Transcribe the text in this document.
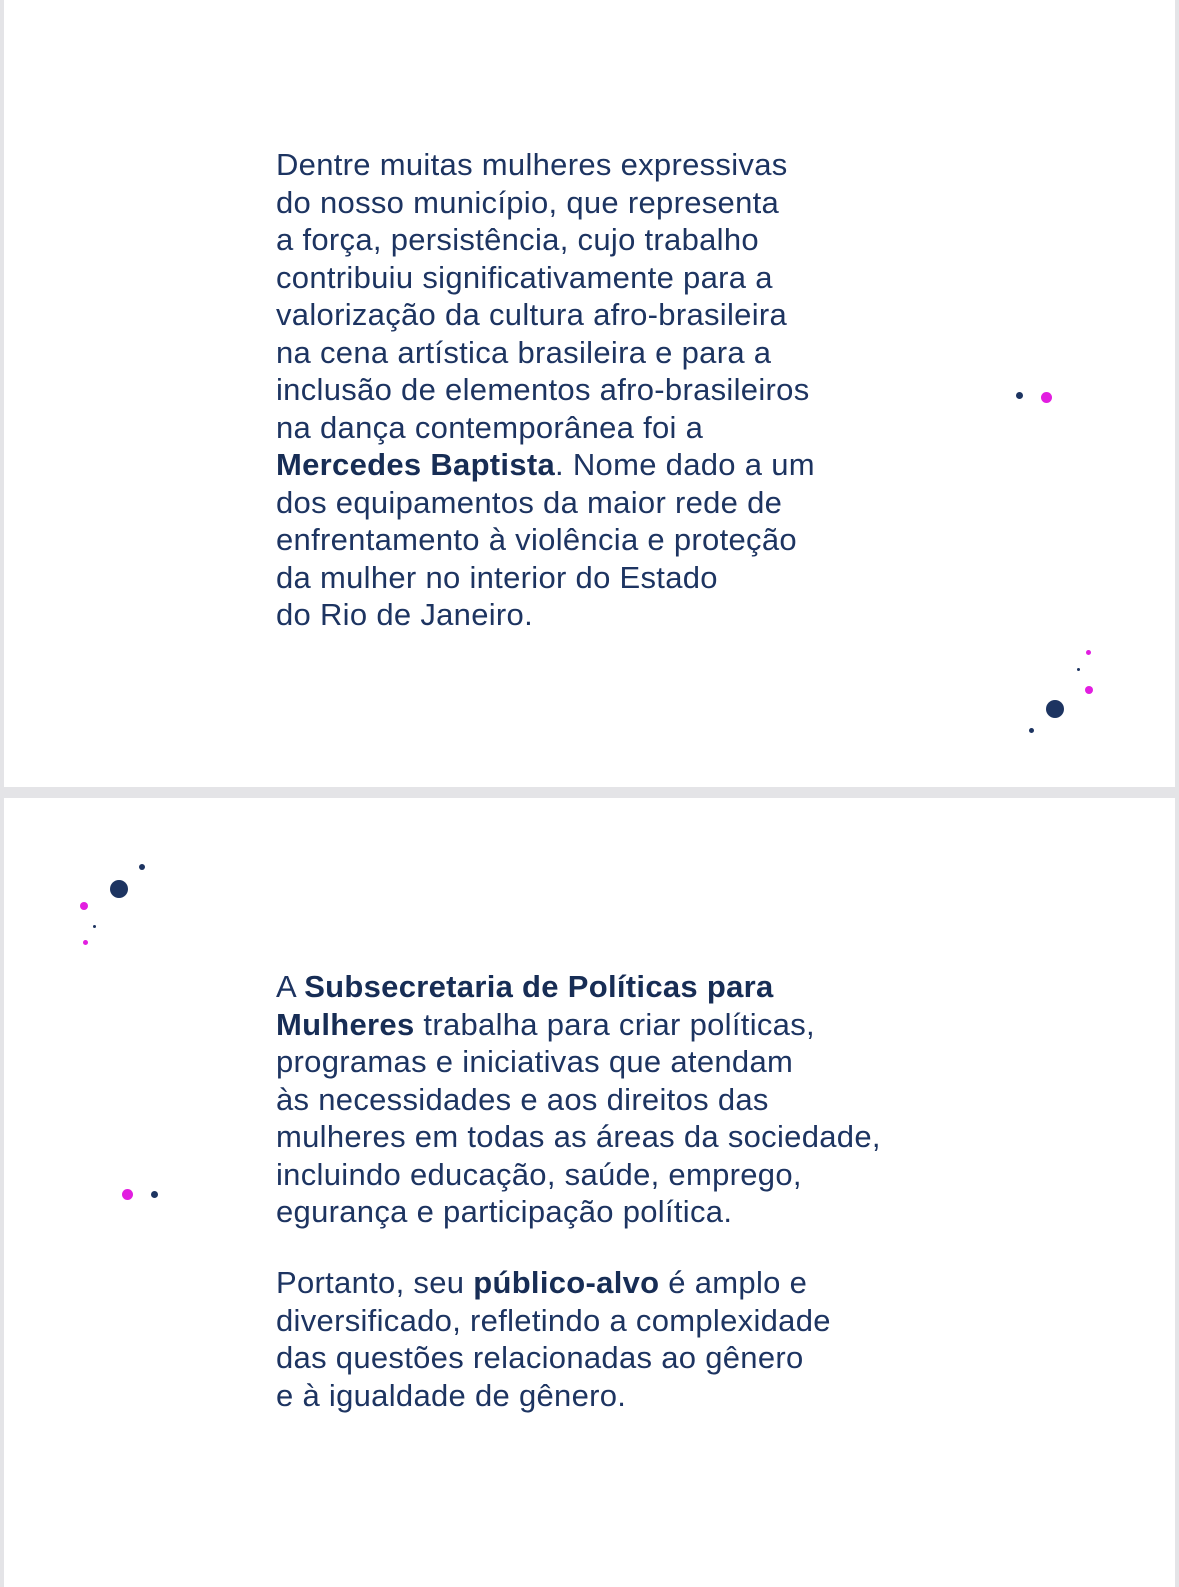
Dentre muitas mulheres expressivas
do nosso município, que representa
a força, persistência, cujo trabalho
contribuiu significativamente para a
valorização da cultura afro-brasileira
na cena artística brasileira e para a
inclusão de elementos afro-brasileiros
na dança contemporânea foi a
Mercedes Baptista. Nome dado a um
dos equipamentos da maior rede de
enfrentamento à violência e proteção
da mulher no interior do Estado
do Rio de Janeiro.

A Subsecretaria de Políticas para
Mulheres trabalha para criar políticas,
programas e iniciativas que atendam
às necessidades e aos direitos das
mulheres em todas as áreas da sociedade,
incluindo educação, saúde, emprego,
egurança e participação política.

Portanto, seu público-alvo é amplo e
diversificado, refletindo a complexidade
das questões relacionadas ao gênero
e à igualdade de gênero.
